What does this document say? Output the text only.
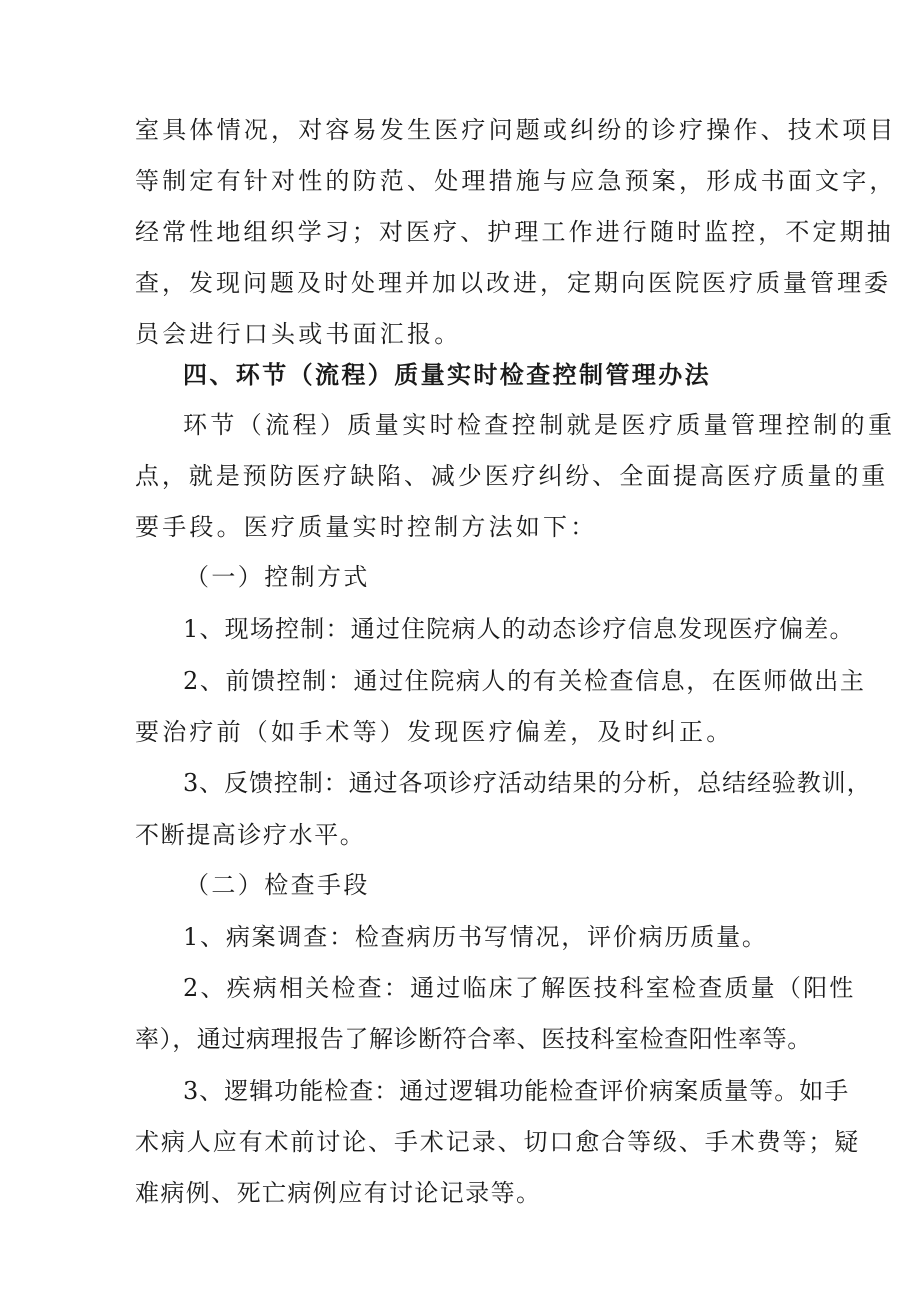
室具体情况，对容易发生医疗问题或纠纷的诊疗操作、技术项目
等制定有针对性的防范、处理措施与应急预案，形成书面文字，
经常性地组织学习；对医疗、护理工作进行随时监控，不定期抽
查，发现问题及时处理并加以改进，定期向医院医疗质量管理委
员会进行口头或书面汇报。
四、环节（流程）质量实时检查控制管理办法
环节（流程）质量实时检查控制就是医疗质量管理控制的重
点，就是预防医疗缺陷、减少医疗纠纷、全面提高医疗质量的重
要手段。医疗质量实时控制方法如下：
（一）控制方式
1、现场控制：通过住院病人的动态诊疗信息发现医疗偏差。
2、前馈控制：通过住院病人的有关检查信息，在医师做出主
要治疗前（如手术等）发现医疗偏差，及时纠正。
3、反馈控制：通过各项诊疗活动结果的分析，总结经验教训，
不断提高诊疗水平。
（二）检查手段
1、病案调查：检查病历书写情况，评价病历质量。
2、疾病相关检查：通过临床了解医技科室检查质量（阳性
率），通过病理报告了解诊断符合率、医技科室检查阳性率等。
3、逻辑功能检查：通过逻辑功能检查评价病案质量等。如手
术病人应有术前讨论、手术记录、切口愈合等级、手术费等；疑
难病例、死亡病例应有讨论记录等。
